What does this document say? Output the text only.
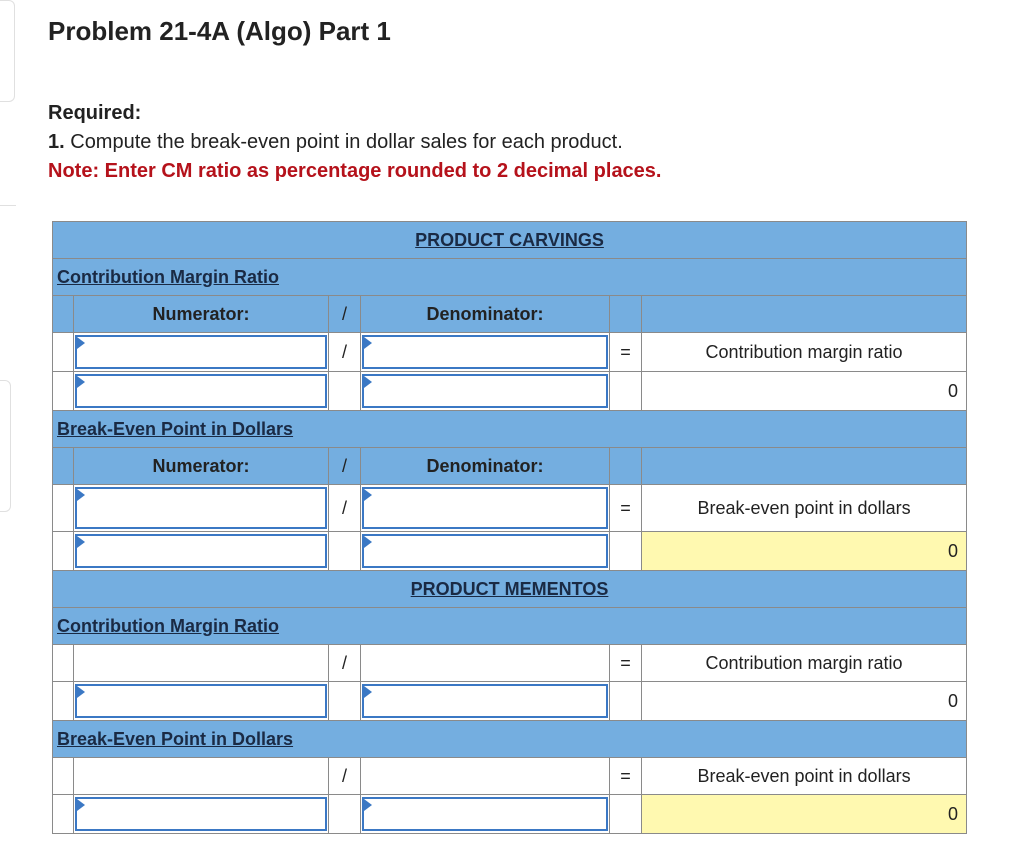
Problem 21-4A (Algo) Part 1
Required:
1. Compute the break-even point in dollar sales for each product.
Note: Enter CM ratio as percentage rounded to 2 decimal places.
PRODUCT CARVINGS					
Contribution Margin Ratio					
	Numerator:	/	Denominator:		

	/		=	Contribution margin ratio

		0
Break-Even Point in Dollars					
	Numerator:	/	Denominator:		

	/		=	Break-even point in dollars

		0
PRODUCT MEMENTOS					
Contribution Margin Ratio					
		/		=	Contribution margin ratio

		0
Break-Even Point in Dollars					
		/		=	Break-even point in dollars

		0
